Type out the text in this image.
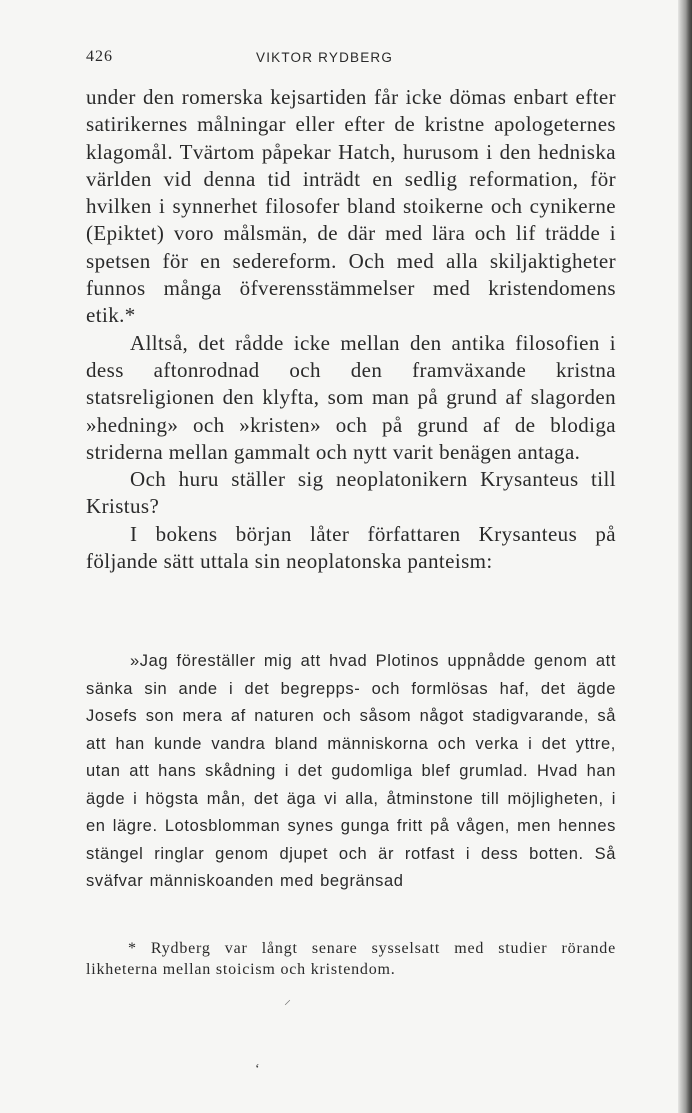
426	VIKTOR RYDBERG

under den romerska kejsartiden får icke dömas enbart efter satirikernes målningar eller efter de kristne apologeternes klagomål. Tvärtom påpekar Hatch, hurusom i den hedniska världen vid denna tid inträdt en sedlig reformation, för hvilken i synnerhet filosofer bland stoikerne och cynikerne (Epiktet) voro målsmän, de där med lära och lif trädde i spetsen för en sedereform. Och med alla skiljaktigheter funnos många öfverensstämmelser med kristendomens etik.*

Alltså, det rådde icke mellan den antika filosofien i dess aftonrodnad och den framväxande kristna statsreligionen den klyfta, som man på grund af slagorden »hedning» och »kristen» och på grund af de blodiga striderna mellan gammalt och nytt varit benägen antaga.

Och huru ställer sig neoplatonikern Krysanteus till Kristus?

I bokens början låter författaren Krysanteus på följande sätt uttala sin neoplatonska panteism:

»Jag föreställer mig att hvad Plotinos uppnådde genom att sänka sin ande i det begrepps- och formlösas haf, det ägde Josefs son mera af naturen och såsom något stadigvarande, så att han kunde vandra bland människorna och verka i det yttre, utan att hans skådning i det gudomliga blef grumlad. Hvad han ägde i högsta mån, det äga vi alla, åtminstone till möjligheten, i en lägre. Lotosblomman synes gunga fritt på vågen, men hennes stängel ringlar genom djupet och är rotfast i dess botten. Så sväfvar människoanden med begränsad

* Rydberg var långt senare sysselsatt med studier rörande likheterna mellan stoicism och kristendom.

⸝
ʻ
